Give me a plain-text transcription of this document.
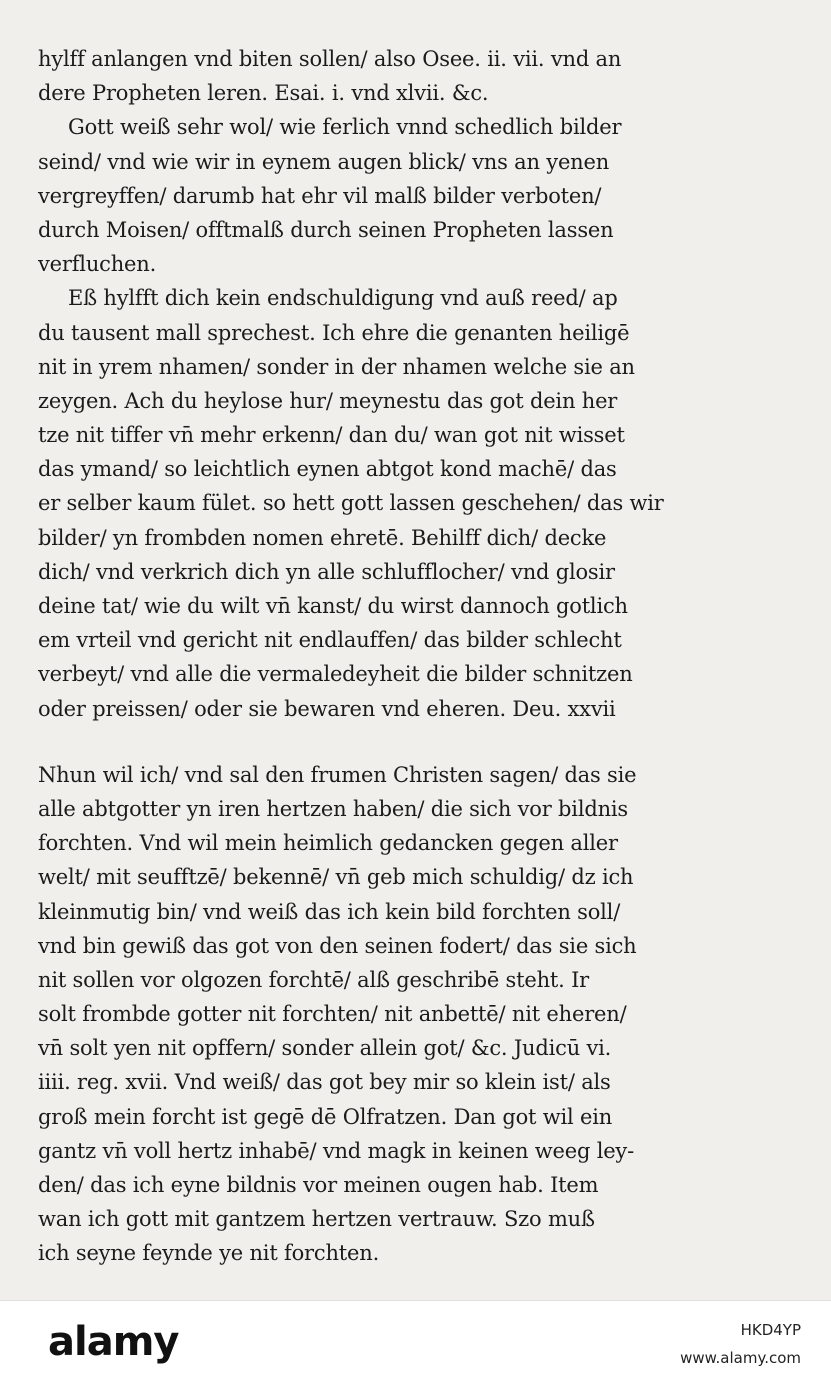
hylff anlangen vnd biten sollen/ also Osee. ii. vii. vnd an
dere Propheten leren. Esai. i. vnd xlvii. &c.
Gott weiß sehr wol/ wie ferlich vnnd schedlich bilder
seind/ vnd wie wir in eynem augen blick/ vns an yenen
vergreyffen/ darumb hat ehr vil malß bilder verboten/
durch Moisen/ offtmalß durch seinen Propheten lassen
verfluchen.
Eß hylfft dich kein endschuldigung vnd auß reed/ ap
du tausent mall sprechest. Ich ehre die genanten heiligē
nit in yrem nhamen/ sonder in der nhamen welche sie an
zeygen. Ach du heylose hur/ meynestu das got dein her
tze nit tiffer vn̄ mehr erkenn/ dan du/ wan got nit wisset
das ymand/ so leichtlich eynen abtgot kond machē/ das
er selber kaum fület. so hett gott lassen geschehen/ das wir
bilder/ yn frombden nomen ehretē. Behilff dich/ decke
dich/ vnd verkrich dich yn alle schlufflocher/ vnd glosir
deine tat/ wie du wilt vn̄ kanst/ du wirst dannoch gotlich
em vrteil vnd gericht nit endlauffen/ das bilder schlecht
verbeyt/ vnd alle die vermaledeyheit die bilder schnitzen
oder preissen/ oder sie bewaren vnd eheren. Deu. xxvii
Nhun wil ich/ vnd sal den frumen Christen sagen/ das sie
alle abtgotter yn iren hertzen haben/ die sich vor bildnis
forchten. Vnd wil mein heimlich gedancken gegen aller
welt/ mit seufftzē/ bekennē/ vn̄ geb mich schuldig/ dz ich
kleinmutig bin/ vnd weiß das ich kein bild forchten soll/
vnd bin gewiß das got von den seinen fodert/ das sie sich
nit sollen vor olgozen forchtē/ alß geschribē steht. Ir
solt frombde gotter nit forchten/ nit anbettē/ nit eheren/
vn̄ solt yen nit opffern/ sonder allein got/ &c. Judicū vi.
iiii. reg. xvii. Vnd weiß/ das got bey mir so klein ist/ als
groß mein forcht ist gegē dē Olfratzen. Dan got wil ein
gantz vn̄ voll hertz inhabē/ vnd magk in keinen weeg ley-
den/ das ich eyne bildnis vor meinen ougen hab. Item
wan ich gott mit gantzem hertzen vertrauw. Szo muß
ich seyne feynde ye nit forchten.
alamy	HKD4YP
www.alamy.com
